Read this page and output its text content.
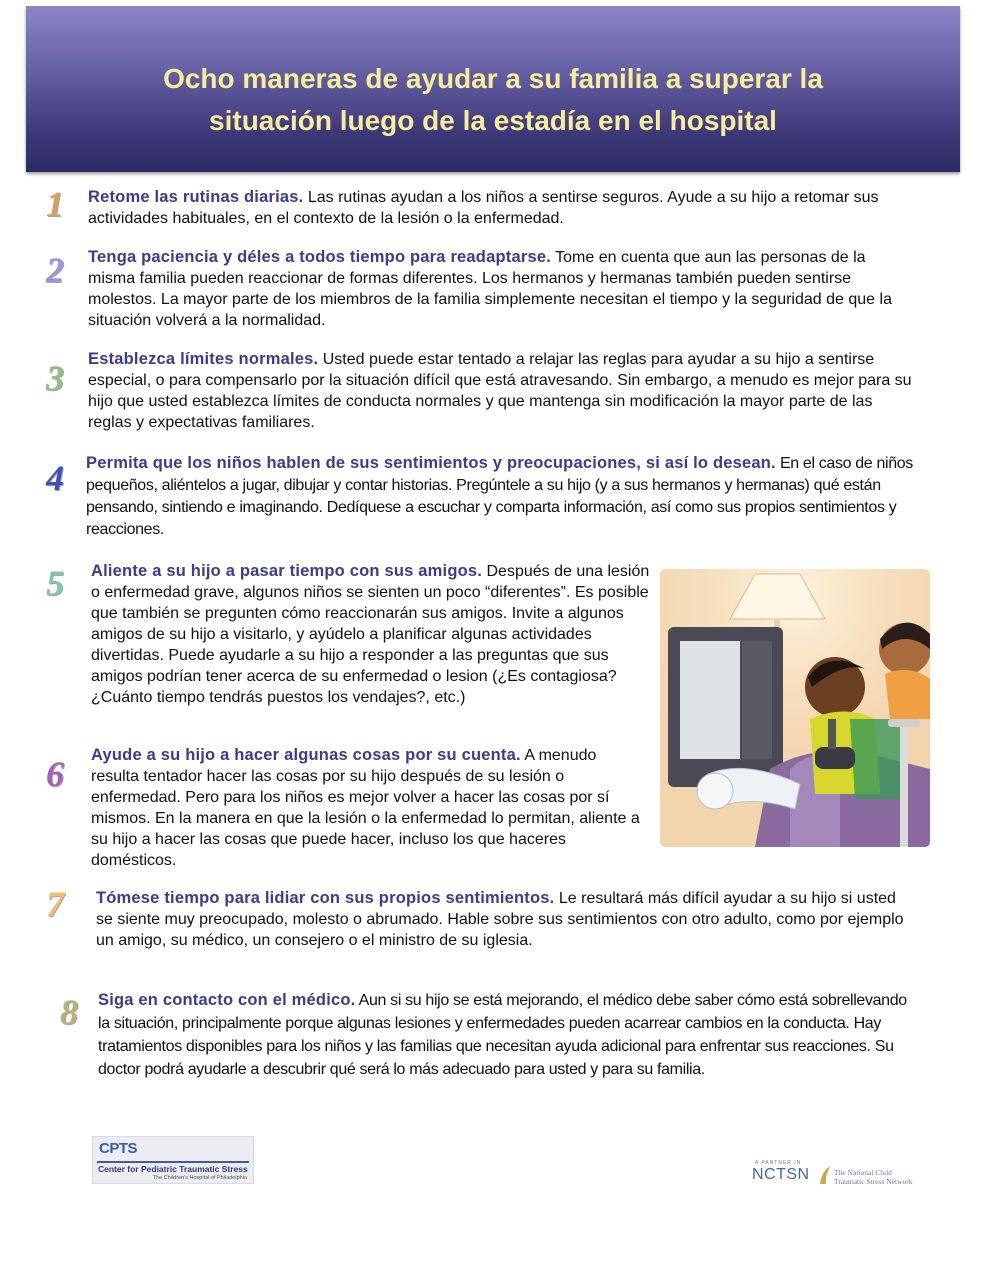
Ocho maneras de ayudar a su familia a superar la
situación luego de la estadía en el hospital
1 Retome las rutinas diarias. Las rutinas ayudan a los niños a sentirse seguros. Ayude a su hijo a retomar sus actividades habituales, en el contexto de la lesión o la enfermedad.
2 Tenga paciencia y déles a todos tiempo para readaptarse. Tome en cuenta que aun las personas de la misma familia pueden reaccionar de formas diferentes. Los hermanos y hermanas también pueden sentirse molestos. La mayor parte de los miembros de la familia simplemente necesitan el tiempo y la seguridad de que la situación volverá a la normalidad.
3 Establezca límites normales. Usted puede estar tentado a relajar las reglas para ayudar a su hijo a sentirse especial, o para compensarlo por la situación difícil que está atravesando. Sin embargo, a menudo es mejor para su hijo que usted establezca límites de conducta normales y que mantenga sin modificación la mayor parte de las reglas y expectativas familiares.
4 Permita que los niños hablen de sus sentimientos y preocupaciones, si así lo desean. En el caso de niños pequeños, aliéntelos a jugar, dibujar y contar historias. Pregúntele a su hijo (y a sus hermanos y hermanas) qué están pensando, sintiendo e imaginando. Dedíquese a escuchar y comparta información, así como sus propios sentimientos y reacciones.
5 Aliente a su hijo a pasar tiempo con sus amigos. Después de una lesión o enfermedad grave, algunos niños se sienten un poco “diferentes”. Es posible que también se pregunten cómo reaccionarán sus amigos. Invite a algunos amigos de su hijo a visitarlo, y ayúdelo a planificar algunas actividades divertidas. Puede ayudarle a su hijo a responder a las preguntas que sus amigos podrían tener acerca de su enfermedad o lesion (¿Es contagiosa? ¿Cuánto tiempo tendrás puestos los vendajes?, etc.)
6 Ayude a su hijo a hacer algunas cosas por su cuenta. A menudo resulta tentador hacer las cosas por su hijo después de su lesión o enfermedad. Pero para los niños es mejor volver a hacer las cosas por sí mismos. En la manera en que la lesión o la enfermedad lo permitan, aliente a su hijo a hacer las cosas que puede hacer, incluso los que haceres domésticos.
7 Tómese tiempo para lidiar con sus propios sentimientos. Le resultará más difícil ayudar a su hijo si usted se siente muy preocupado, molesto o abrumado. Hable sobre sus sentimientos con otro adulto, como por ejemplo un amigo, su médico, un consejero o el ministro de su iglesia.
8 Siga en contacto con el médico. Aun si su hijo se está mejorando, el médico debe saber cómo está sobrellevando la situación, principalmente porque algunas lesiones y enfermedades pueden acarrear cambios en la conducta. Hay tratamientos disponibles para los niños y las familias que necesitan ayuda adicional para enfrentar sus reacciones. Su doctor podrá ayudarle a descubrir qué será lo más adecuado para usted y para su familia.
CPTS
Center for Pediatric Traumatic Stress
The Children's Hospital of Philadelphia
A PARTNER IN
NCTSN	The National Child Traumatic Stress Network
